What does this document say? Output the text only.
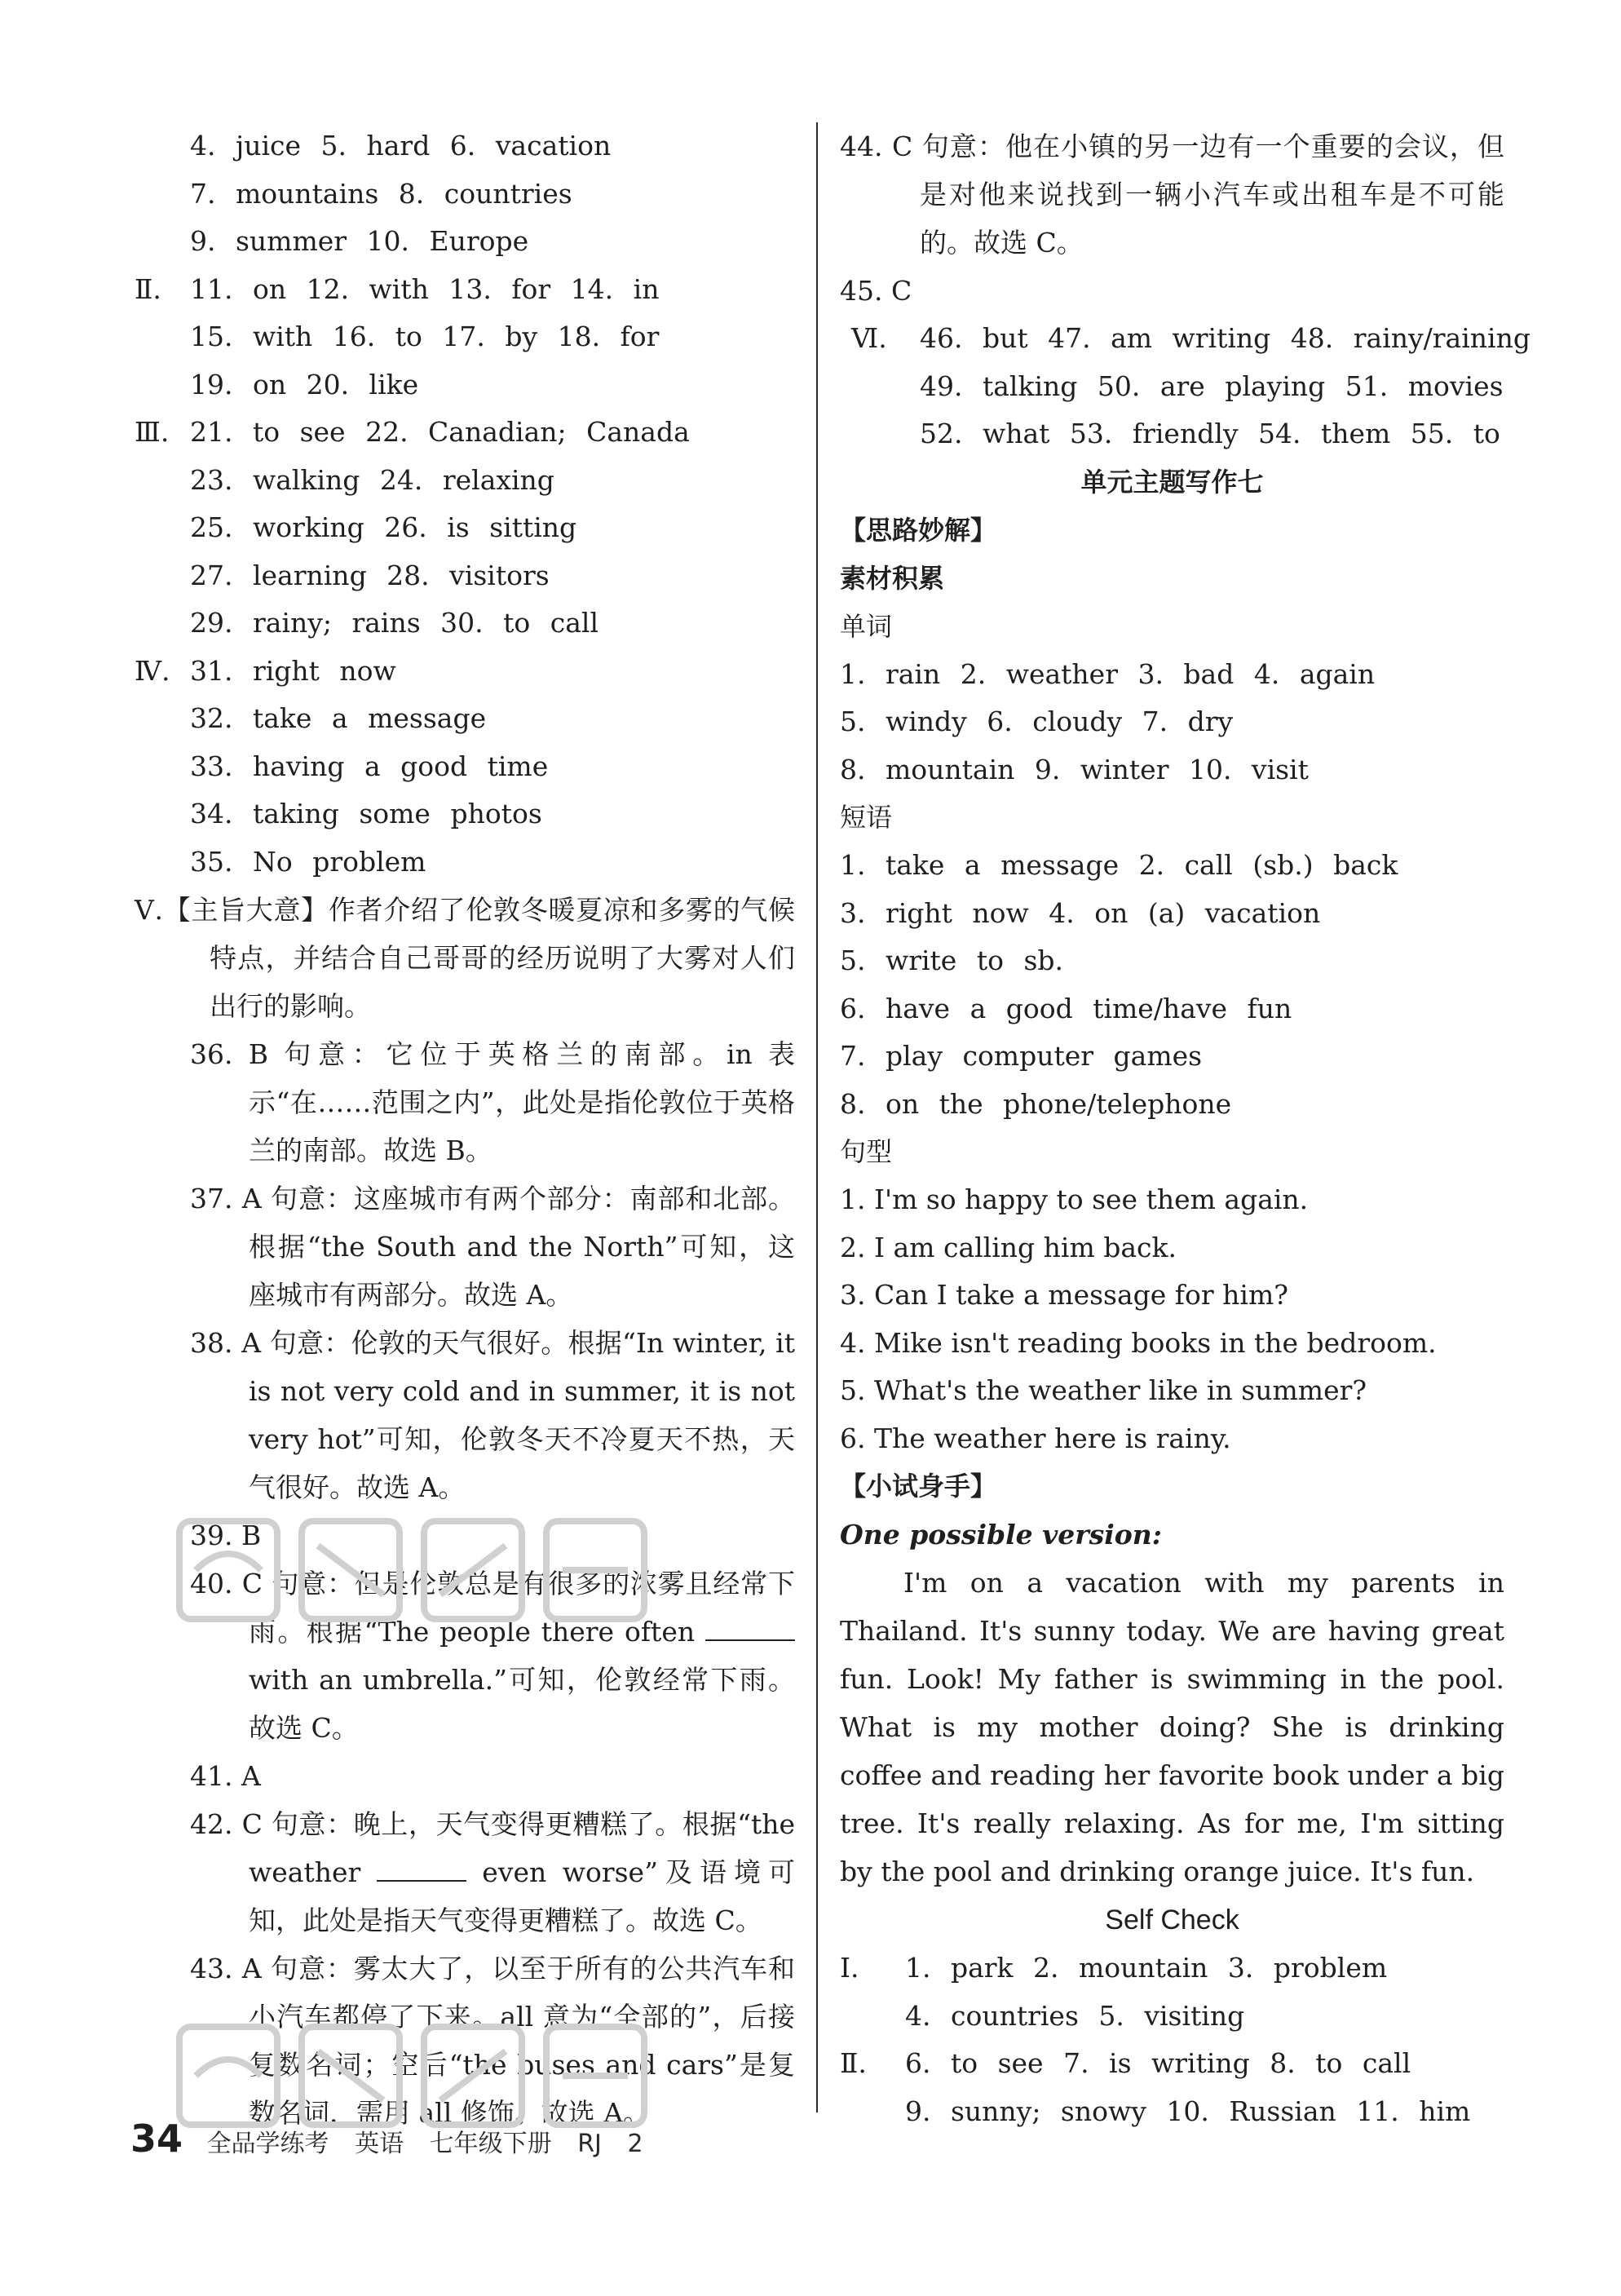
4. juice 5. hard 6. vacation
7. mountains 8. countries
9. summer 10. Europe
Ⅱ. 11. on 12. with 13. for 14. in
15. with 16. to 17. by 18. for
19. on 20. like
Ⅲ. 21. to see 22. Canadian; Canada
23. walking 24. relaxing
25. working 26. is sitting
27. learning 28. visitors
29. rainy; rains 30. to call
Ⅳ. 31. right now
32. take a message
33. having a good time
34. taking some photos
35. No problem
Ⅴ.【主旨大意】作者介绍了伦敦冬暖夏凉和多雾的气候特点，并结合自己哥哥的经历说明了大雾对人们出行的影响。
36. B 句意：它位于英格兰的南部。in 表示“在……范围之内”，此处是指伦敦位于英格兰的南部。故选 B。
37. A 句意：这座城市有两个部分：南部和北部。根据“the South and the North”可知，这座城市有两部分。故选 A。
38. A 句意：伦敦的天气很好。根据“In winter, it is not very cold and in summer, it is not very hot”可知，伦敦冬天不冷夏天不热，天气很好。故选 A。
39. B
40. C 句意：但是伦敦总是有很多的浓雾且经常下雨。根据“The people there often  with an umbrella.”可知，伦敦经常下雨。故选 C。
41. A
42. C 句意：晚上，天气变得更糟糕了。根据“the weather	even worse”及语境可知，此处是指天气变得更糟糕了。故选 C。
43. A 句意：雾太大了，以至于所有的公共汽车和小汽车都停了下来。all 意为“全部的”，后接复数名词；空后“the buses and cars”是复数名词，需用 all 修饰。故选 A。
44. C 句意：他在小镇的另一边有一个重要的会议，但是对他来说找到一辆小汽车或出租车是不可能的。故选 C。
45. C
Ⅵ. 46. but 47. am writing 48. rainy/raining
49. talking 50. are playing 51. movies
52. what 53. friendly 54. them 55. to
单元主题写作七
【思路妙解】
素材积累
单词
1. rain 2. weather 3. bad 4. again
5. windy 6. cloudy 7. dry
8. mountain 9. winter 10. visit
短语
1. take a message 2. call (sb.) back
3. right now 4. on (a) vacation
5. write to sb.
6. have a good time/have fun
7. play computer games
8. on the phone/telephone
句型
1. I'm so happy to see them again.
2. I am calling him back.
3. Can I take a message for him?
4. Mike isn't reading books in the bedroom.
5. What's the weather like in summer?
6. The weather here is rainy.
【小试身手】
One possible version:
I'm on a vacation with my parents in Thailand. It's sunny today. We are having great fun. Look! My father is swimming in the pool. What is my mother doing? She is drinking coffee and reading her favorite book under a big tree. It's really relaxing. As for me, I'm sitting by the pool and drinking orange juice. It's fun.
Self Check
Ⅰ. 1. park 2. mountain 3. problem
4. countries 5. visiting
Ⅱ. 6. to see 7. is writing 8. to call
9. sunny; snowy 10. Russian 11. him
34 全品学练考 英语 七年级下册 RJ 2
